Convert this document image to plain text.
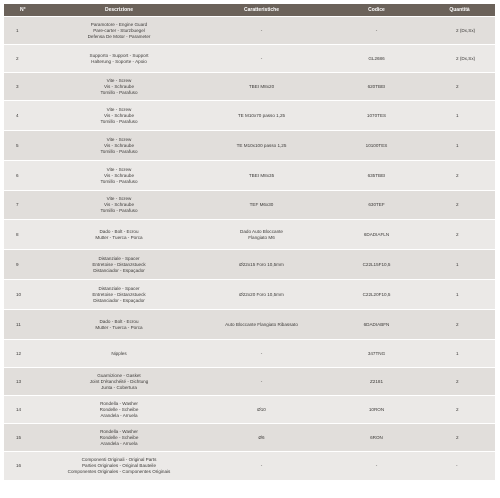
N°	Descrizione	Caratteristiche	Codice	Quantità
1	Paramotore - Engine Guard
Pare-carter - Sturzbuegel
Defensa De Motor - Parameter	-	-	2 (Dx,Sx)
2	Supporto - Support - Support
Halterung - Soporte - Apoio	-	GL2686	2 (Dx,Sx)
3	Vite - Screw
Vis - Schraube
Tornillo - Parafuso	TBEI M8x20	620TBEI	2
4	Vite - Screw
Vis - Schraube
Tornillo - Parafuso	TE M10x70 passo 1,25	1070TES	1
5	Vite - Screw
Vis - Schraube
Tornillo - Parafuso	TE M10x100 passo 1,25	10100TES	1
6	Vite - Screw
Vis - Schraube
Tornillo - Parafuso	TBEI M8x35	635TBEI	2
7	Vite - Screw
Vis - Schraube
Tornillo - Parafuso	TEF M6x30	630TEF	2
8	Dado - Bolt - Ecrou
Mutter - Tuerca - Porca	Dado Auto Bloccante
Flangiato M6	6DADIAFLN	2
9	Distanziale - Spacer
Entretoise - Distanzstueck
Distanciador - Espaçador	Ø22x15 Foro 10,5mm	C22L15F10,5	1
10	Distanziale - Spacer
Entretoise - Distanzstueck
Distanciador - Espaçador	Ø22x20 Foro 10,5mm	C22L20F10,5	1
11	Dado - Bolt - Ecrou
Mutter - Tuerca - Porca	Auto Bloccante Flangiato Ribassato	6DADIABFN	2
12	Nipples	-	347TNG	1
13	Guarnizione - Gasket
Joint D'étanchéité - Dichtung
Junta - Cobertura	-	Z2181	2
14	Rondella - Washer
Rondelle - Scheibe
Arandela - Arruela	Ø10	10RON	2
15	Rondella - Washer
Rondelle - Scheibe
Arandela - Arruela	Ø6	6RON	2
16	Componenti Originali - Original Parts
Parties Originales - Original Bauteile
Componentes Originales - Componentes Originais	-	-	-
